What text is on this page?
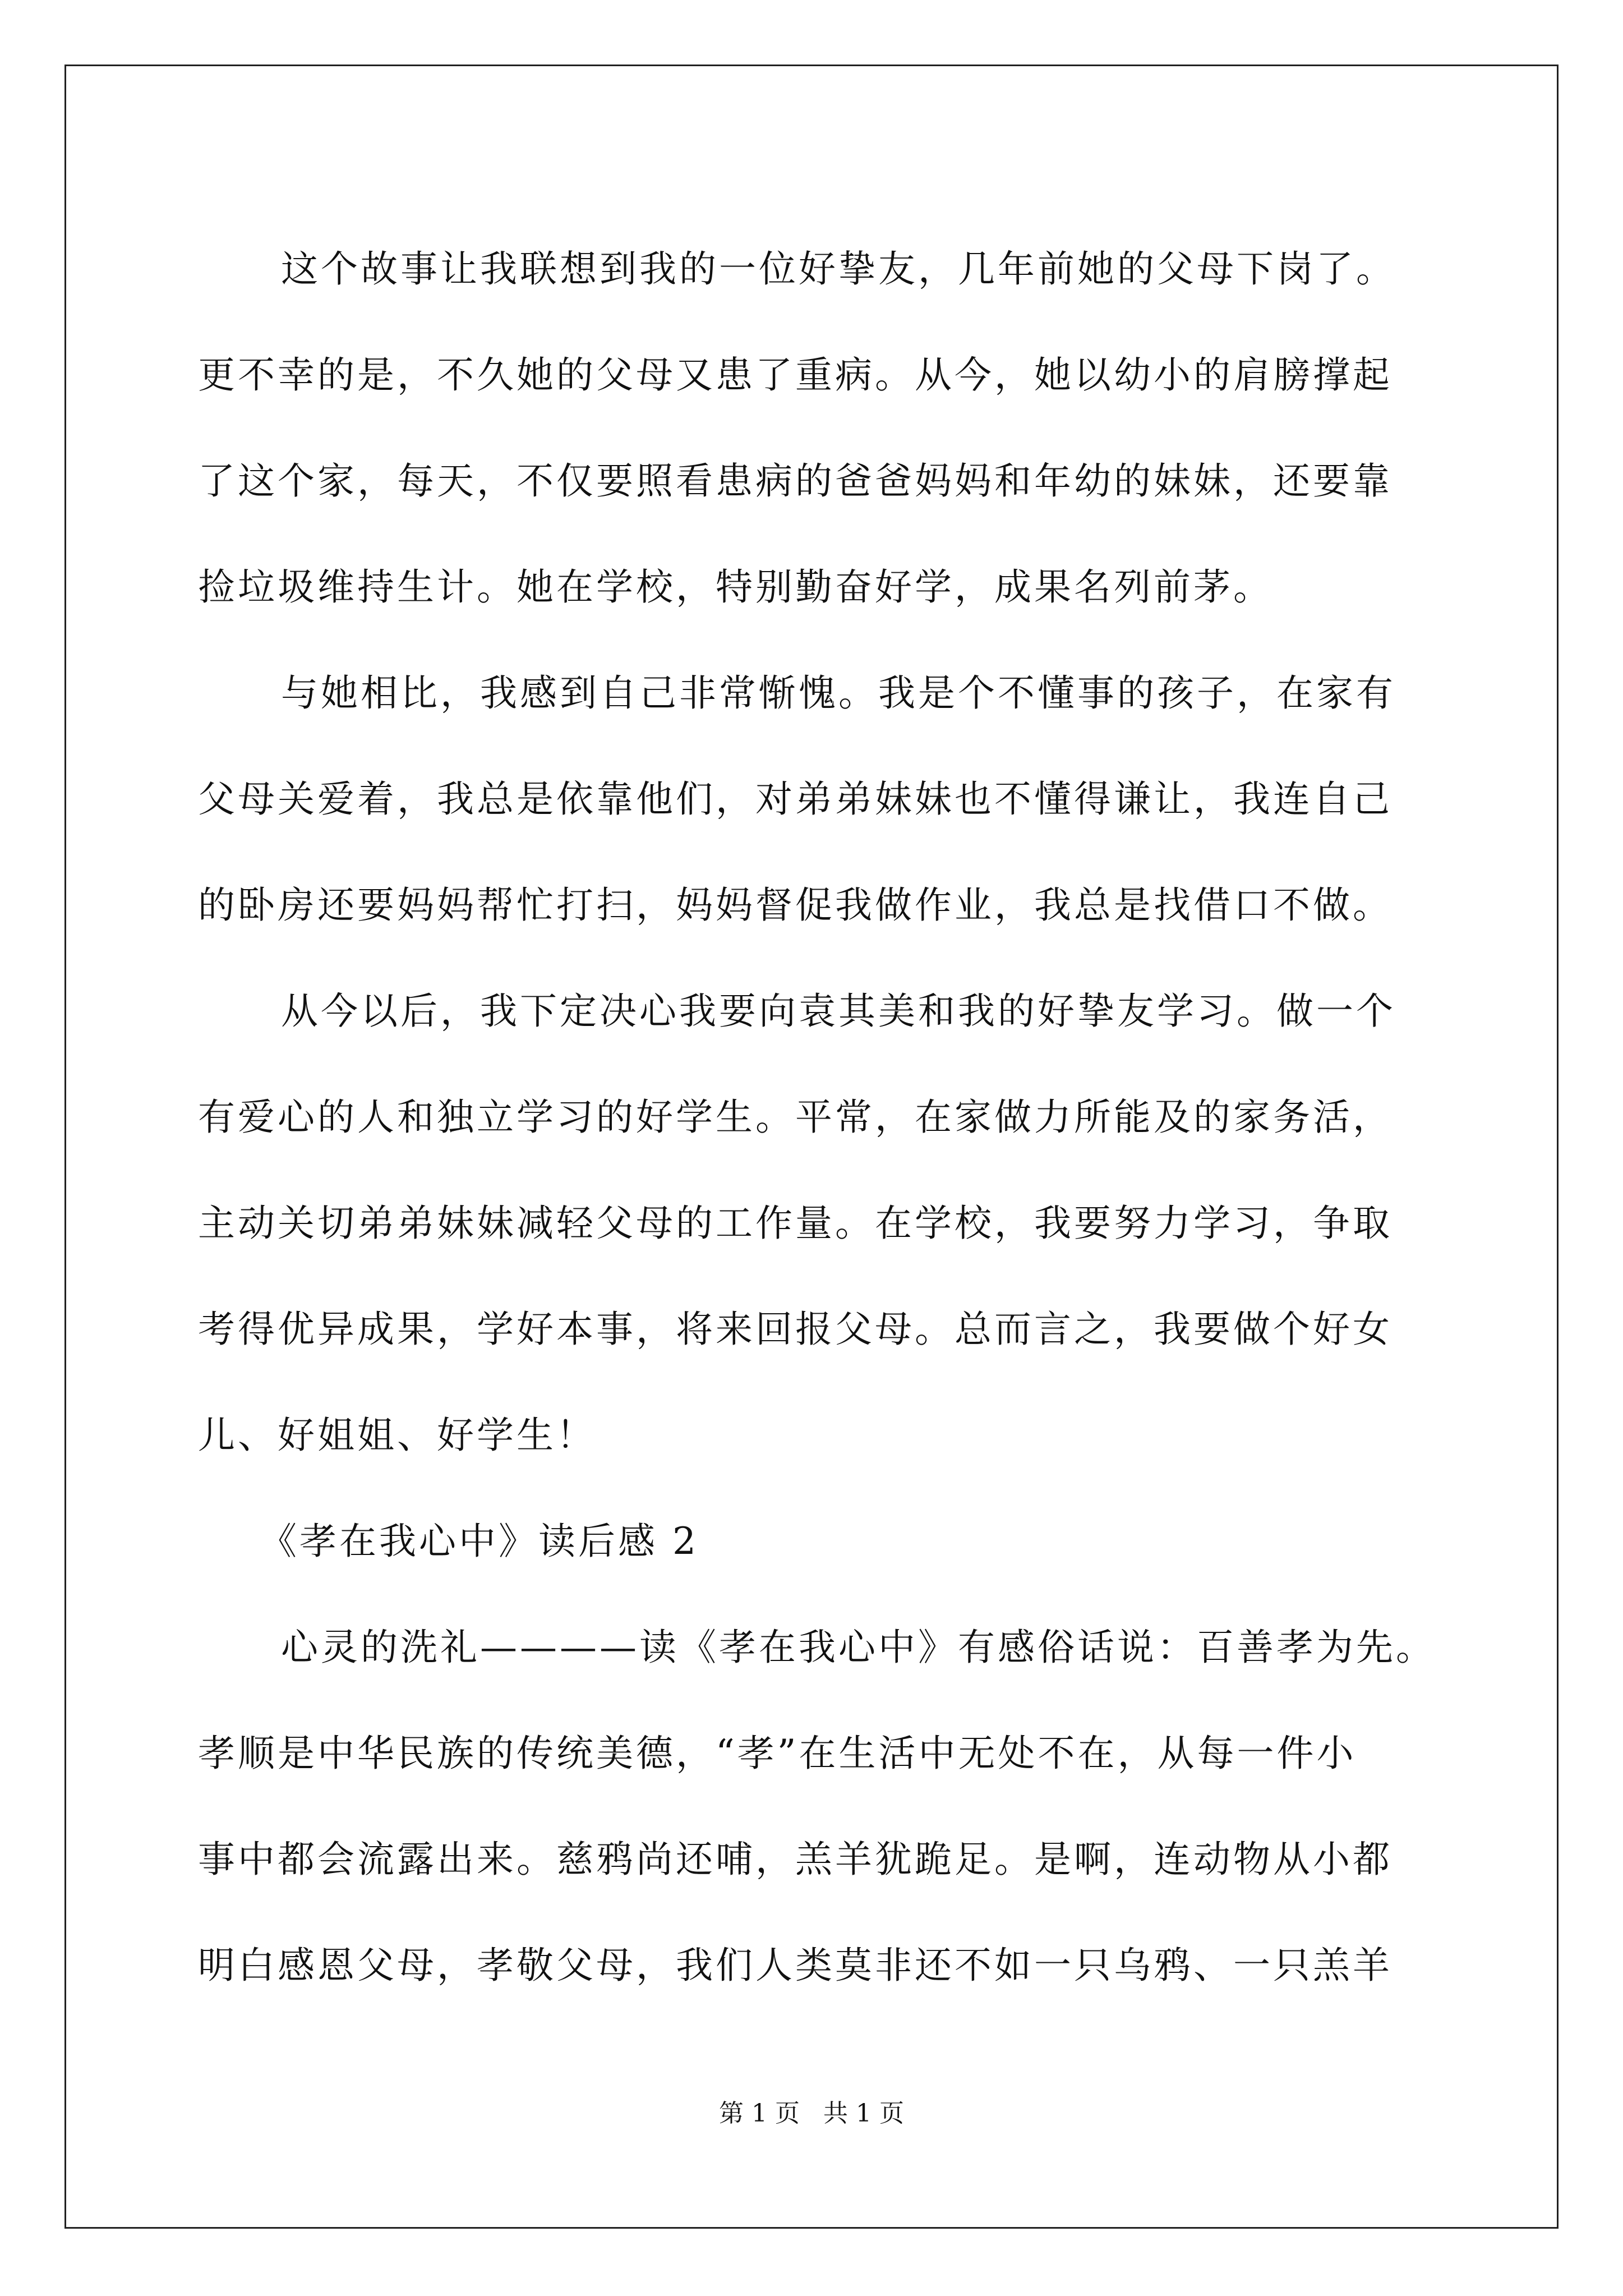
这个故事让我联想到我的一位好挚友，几年前她的父母下岗了。
更不幸的是，不久她的父母又患了重病。从今，她以幼小的肩膀撑起
了这个家，每天，不仅要照看患病的爸爸妈妈和年幼的妹妹，还要靠
捡垃圾维持生计。她在学校，特别勤奋好学，成果名列前茅。
与她相比，我感到自己非常惭愧。我是个不懂事的孩子，在家有
父母关爱着，我总是依靠他们，对弟弟妹妹也不懂得谦让，我连自己
的卧房还要妈妈帮忙打扫，妈妈督促我做作业，我总是找借口不做。
从今以后，我下定决心我要向袁其美和我的好挚友学习。做一个
有爱心的人和独立学习的好学生。平常，在家做力所能及的家务活，
主动关切弟弟妹妹减轻父母的工作量。在学校，我要努力学习，争取
考得优异成果，学好本事，将来回报父母。总而言之，我要做个好女
儿、好姐姐、好学生！
《孝在我心中》读后感 2
心灵的洗礼————读《孝在我心中》有感俗话说：百善孝为先。
孝顺是中华民族的传统美德，“孝”在生活中无处不在，从每一件小
事中都会流露出来。慈鸦尚还哺，羔羊犹跪足。是啊，连动物从小都
明白感恩父母，孝敬父母，我们人类莫非还不如一只乌鸦、一只羔羊
第 1 页 共 1 页
